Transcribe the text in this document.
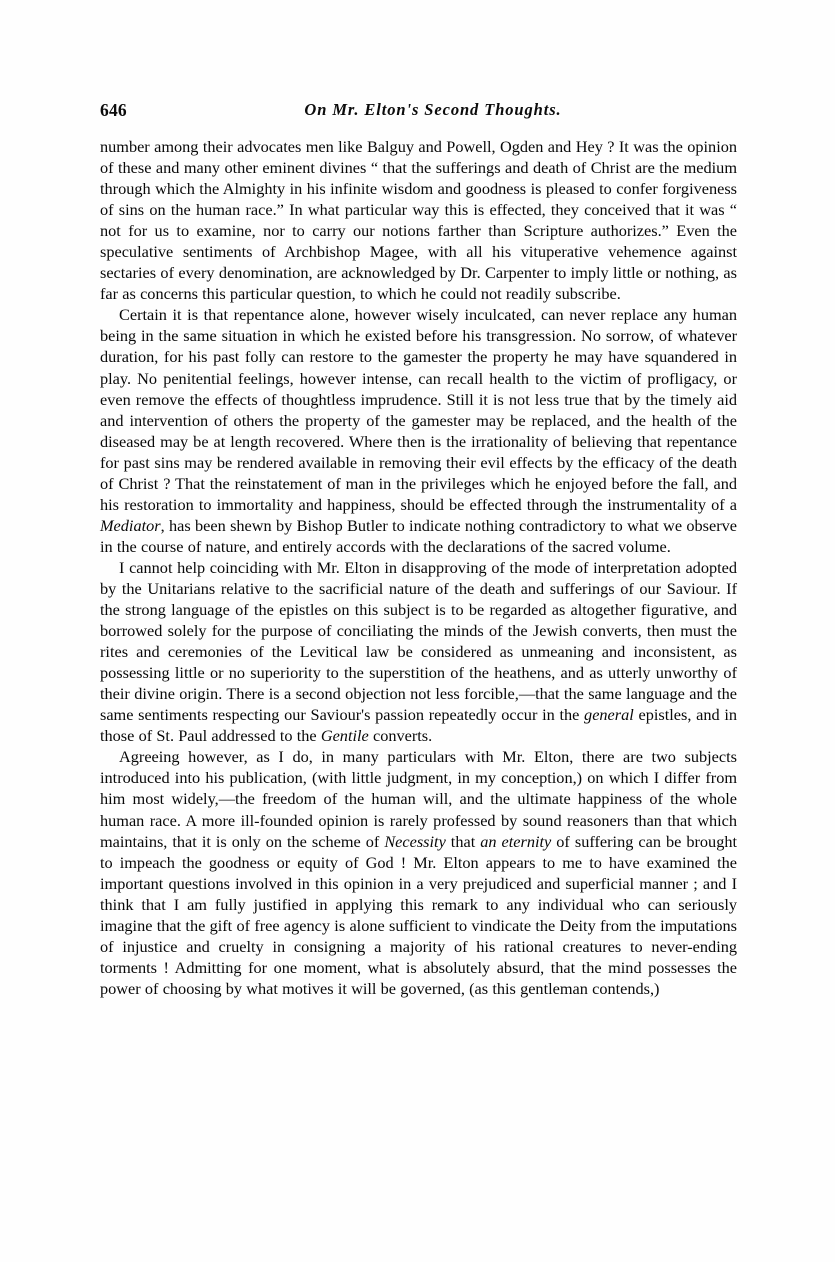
646	On Mr. Elton's Second Thoughts.

number among their advocates men like Balguy and Powell, Ogden and Hey ? It was the opinion of these and many other eminent divines “ that the sufferings and death of Christ are the medium through which the Almighty in his infinite wisdom and goodness is pleased to confer forgiveness of sins on the human race.” In what particular way this is effected, they conceived that it was “ not for us to examine, nor to carry our notions farther than Scripture authorizes.” Even the speculative sentiments of Archbishop Magee, with all his vituperative vehemence against sectaries of every denomination, are acknowledged by Dr. Carpenter to imply little or nothing, as far as concerns this particular question, to which he could not readily subscribe.

Certain it is that repentance alone, however wisely inculcated, can never replace any human being in the same situation in which he existed before his transgression. No sorrow, of whatever duration, for his past folly can restore to the gamester the property he may have squandered in play. No penitential feelings, however intense, can recall health to the victim of profligacy, or even remove the effects of thoughtless imprudence. Still it is not less true that by the timely aid and intervention of others the property of the gamester may be replaced, and the health of the diseased may be at length recovered. Where then is the irrationality of believing that repentance for past sins may be rendered available in removing their evil effects by the efficacy of the death of Christ ? That the reinstatement of man in the privileges which he enjoyed before the fall, and his restoration to immortality and happiness, should be effected through the instrumentality of a Mediator, has been shewn by Bishop Butler to indicate nothing contradictory to what we observe in the course of nature, and entirely accords with the declarations of the sacred volume.

I cannot help coinciding with Mr. Elton in disapproving of the mode of interpretation adopted by the Unitarians relative to the sacrificial nature of the death and sufferings of our Saviour. If the strong language of the epistles on this subject is to be regarded as altogether figurative, and borrowed solely for the purpose of conciliating the minds of the Jewish converts, then must the rites and ceremonies of the Levitical law be considered as unmeaning and inconsistent, as possessing little or no superiority to the superstition of the heathens, and as utterly unworthy of their divine origin. There is a second objection not less forcible,—that the same language and the same sentiments respecting our Saviour's passion repeatedly occur in the general epistles, and in those of St. Paul addressed to the Gentile converts.

Agreeing however, as I do, in many particulars with Mr. Elton, there are two subjects introduced into his publication, (with little judgment, in my conception,) on which I differ from him most widely,—the freedom of the human will, and the ultimate happiness of the whole human race. A more ill-founded opinion is rarely professed by sound reasoners than that which maintains, that it is only on the scheme of Necessity that an eternity of suffering can be brought to impeach the goodness or equity of God ! Mr. Elton appears to me to have examined the important questions involved in this opinion in a very prejudiced and superficial manner ; and I think that I am fully justified in applying this remark to any individual who can seriously imagine that the gift of free agency is alone sufficient to vindicate the Deity from the imputations of injustice and cruelty in consigning a majority of his rational creatures to never-ending torments ! Admitting for one moment, what is absolutely absurd, that the mind possesses the power of choosing by what motives it will be governed, (as this gentleman contends,)
